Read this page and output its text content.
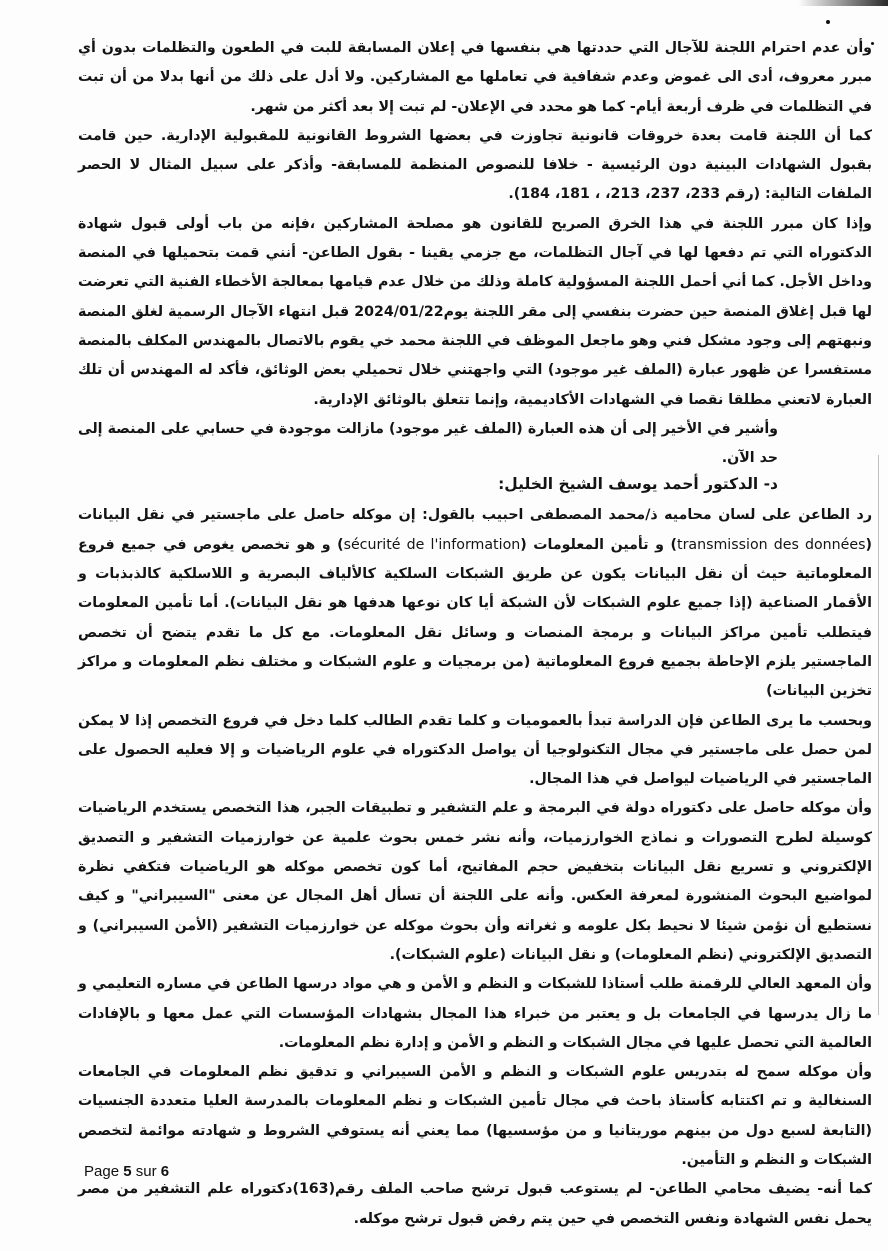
وأن عدم احترام اللجنة للآجال التي حددتها هي بنفسها في إعلان المسابقة للبت في الطعون والتظلمات بدون أي مبرر معروف، أدى الى غموض وعدم شفافية في تعاملها مع المشاركين. ولا أدل على ذلك من أنها بدلا من أن تبت في التظلمات في ظرف أربعة أيام- كما هو محدد في الإعلان- لم تبت إلا بعد أكثر من شهر.

كما أن اللجنة قامت بعدة خروقات قانونية تجاوزت في بعضها الشروط القانونية للمقبولية الإدارية. حين قامت بقبول الشهادات البينية دون الرئيسية - خلافا للنصوص المنظمة للمسابقة- وأذكر على سبيل المثال لا الحصر الملفات التالية: (رقم 233، 237، 213، ، 181، 184).

وإذا كان مبرر اللجنة في هذا الخرق الصريح للقانون هو مصلحة المشاركين ،فإنه من باب أولى قبول شهادة الدكتوراه التي تم دفعها لها في آجال التظلمات، مع جزمي يقينا - بقول الطاعن- أنني قمت بتحميلها في المنصة وداخل الأجل. كما أني أحمل اللجنة المسؤولية كاملة وذلك من خلال عدم قيامها بمعالجة الأخطاء الفنية التي تعرضت لها قبل إغلاق المنصة حين حضرت بنفسي إلى مقر اللجنة يوم2024/01/22 قبل انتهاء الآجال الرسمية لغلق المنصة ونبهتهم إلى وجود مشكل فني وهو ماجعل الموظف في اللجنة محمد خي يقوم بالاتصال بالمهندس المكلف بالمنصة مستفسرا عن ظهور عبارة (الملف غير موجود) التي واجهتني خلال تحميلي بعض الوثائق، فأكد له المهندس أن تلك العبارة لاتعني مطلقا نقصا في الشهادات الأكاديمية، وإنما تتعلق بالوثائق الإدارية.

وأشير في الأخير إلى أن هذه العبارة (الملف غير موجود) مازالت موجودة في حسابي على المنصة إلى حد الآن.

د- الدكتور أحمد يوسف الشيخ الخليل:

رد الطاعن على لسان محاميه ذ/محمد المصطفى احبيب بالقول: إن موكله حاصل على ماجستير في نقل البيانات (transmission des données) و تأمين المعلومات (sécurité de l'information) و هو تخصص يغوص في جميع فروع المعلوماتية حيث أن نقل البيانات يكون عن طريق الشبكات السلكية كالألياف البصرية و اللاسلكية كالذبذبات و الأقمار الصناعية (إذا جميع علوم الشبكات لأن الشبكة أيا كان نوعها هدفها هو نقل البيانات). أما تأمين المعلومات فيتطلب تأمين مراكز البيانات و برمجة المنصات و وسائل نقل المعلومات. مع كل ما تقدم يتضح أن تخصص الماجستير يلزم الإحاطة بجميع فروع المعلوماتية (من برمجيات و علوم الشبكات و مختلف نظم المعلومات و مراكز تخزين البيانات)

وبحسب ما يرى الطاعن فإن الدراسة تبدأ بالعموميات و كلما تقدم الطالب كلما دخل في فروع التخصص إذا لا يمكن لمن حصل على ماجستير في مجال التكنولوجيا أن يواصل الدكتوراه في علوم الرياضيات و إلا فعليه الحصول على الماجستير في الرياضيات ليواصل في هذا المجال.

وأن موكله حاصل على دكتوراه دولة في البرمجة و علم التشفير و تطبيقات الجبر، هذا التخصص يستخدم الرياضيات كوسيلة لطرح التصورات و نماذج الخوارزميات، وأنه نشر خمس بحوث علمية عن خوارزميات التشفير و التصديق الإلكتروني و تسريع نقل البيانات بتخفيض حجم المفاتيح، أما كون تخصص موكله هو الرياضيات فتكفي نظرة لمواضيع البحوث المنشورة لمعرفة العكس. وأنه على اللجنة أن تسأل أهل المجال عن معنى "السيبراني" و كيف نستطيع أن نؤمن شيئا لا نحيط بكل علومه و ثغراته وأن بحوث موكله عن خوارزميات التشفير (الأمن السيبراني) و التصديق الإلكتروني (نظم المعلومات) و نقل البيانات (علوم الشبكات).

وأن المعهد العالي للرقمنة طلب أستاذا للشبكات و النظم و الأمن و هي مواد درسها الطاعن في مساره التعليمي و ما زال يدرسها في الجامعات بل و يعتبر من خبراء هذا المجال بشهادات المؤسسات التي عمل معها و بالإفادات العالمية التي تحصل عليها في مجال الشبكات و النظم و الأمن و إدارة نظم المعلومات.

وأن موكله سمح له بتدريس علوم الشبكات و النظم و الأمن السيبراني و تدقيق نظم المعلومات في الجامعات السنغالية و تم اكتتابه كأستاذ باحث في مجال تأمين الشبكات و نظم المعلومات بالمدرسة العليا متعددة الجنسيات (التابعة لسبع دول من بينهم موريتانيا و من مؤسسيها) مما يعني أنه يستوفي الشروط و شهادته موائمة لتخصص الشبكات و النظم و التأمين.

كما أنه- يضيف محامي الطاعن- لم يستوعب قبول ترشح صاحب الملف رقم(163)دكتوراه علم التشفير من مصر يحمل نفس الشهادة ونفس التخصص في حين يتم رفض قبول ترشح موكله.

Page 5 sur 6
